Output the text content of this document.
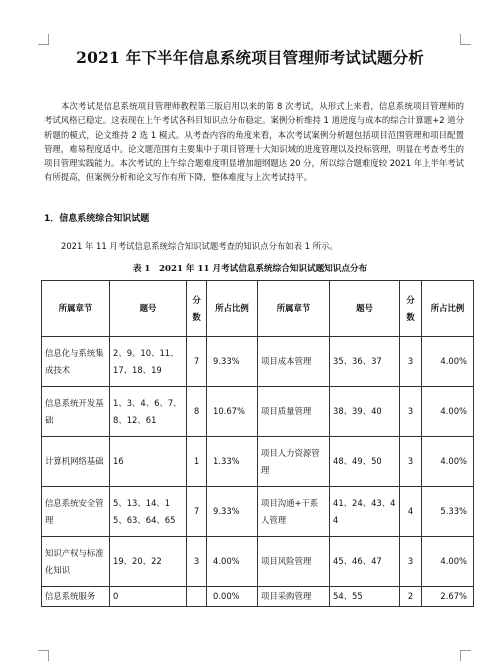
2021 年下半年信息系统项目管理师考试试题分析
本次考试是信息系统项目管理师教程第三版启用以来的第 8 次考试，从形式上来看，信息系统项目管理师的考试风格已稳定。这表现在上午考试各科目知识点分布稳定。案例分析维持 1 道进度与成本的综合计算题+2 道分析题的模式，论文维持 2 选 1 模式。从考查内容的角度来看，本次考试案例分析题包括项目范围管理和项目配置管理，难易程度适中。论文题范围有主要集中于项目管理十大知识域的进度管理以及投标管理，明显在考查考生的项目管理实践能力。本次考试的上午综合题难度明显增加超纲题达 20 分，所以综合题难度较 2021 年上半年考试有所提高，但案例分析和论文写作有所下降，整体难度与上次考试持平。
1．信息系统综合知识试题
2021 年 11 月考试信息系统综合知识试题考查的知识点分布如表 1 所示。
表 1　2021 年 11 月考试信息系统综合知识试题知识点分布
所属章节	题号	分数	所占比例	所属章节	题号	分数	所占比例
信息化与系统集成技术	2、9、10、11、17、18、19	7	9.33%	项目成本管理	35、36、37	3	4.00%
信息系统开发基础	1、3、4、6、7、8、12、61	8	10.67%	项目质量管理	38、39、40	3	4.00%
计算机网络基础	16	1	1.33%	项目人力资源管理	48、49、50	3	4.00%
信息系统安全管理	5、13、14、15、63、64、65	7	9.33%	项目沟通+干系人管理	41、24、43、44	4	5.33%
知识产权与标准化知识	19、20、22	3	4.00%	项目风险管理	45、46、47	3	4.00%
信息系统服务	0		0.00%	项目采购管理	54、55	2	2.67%
